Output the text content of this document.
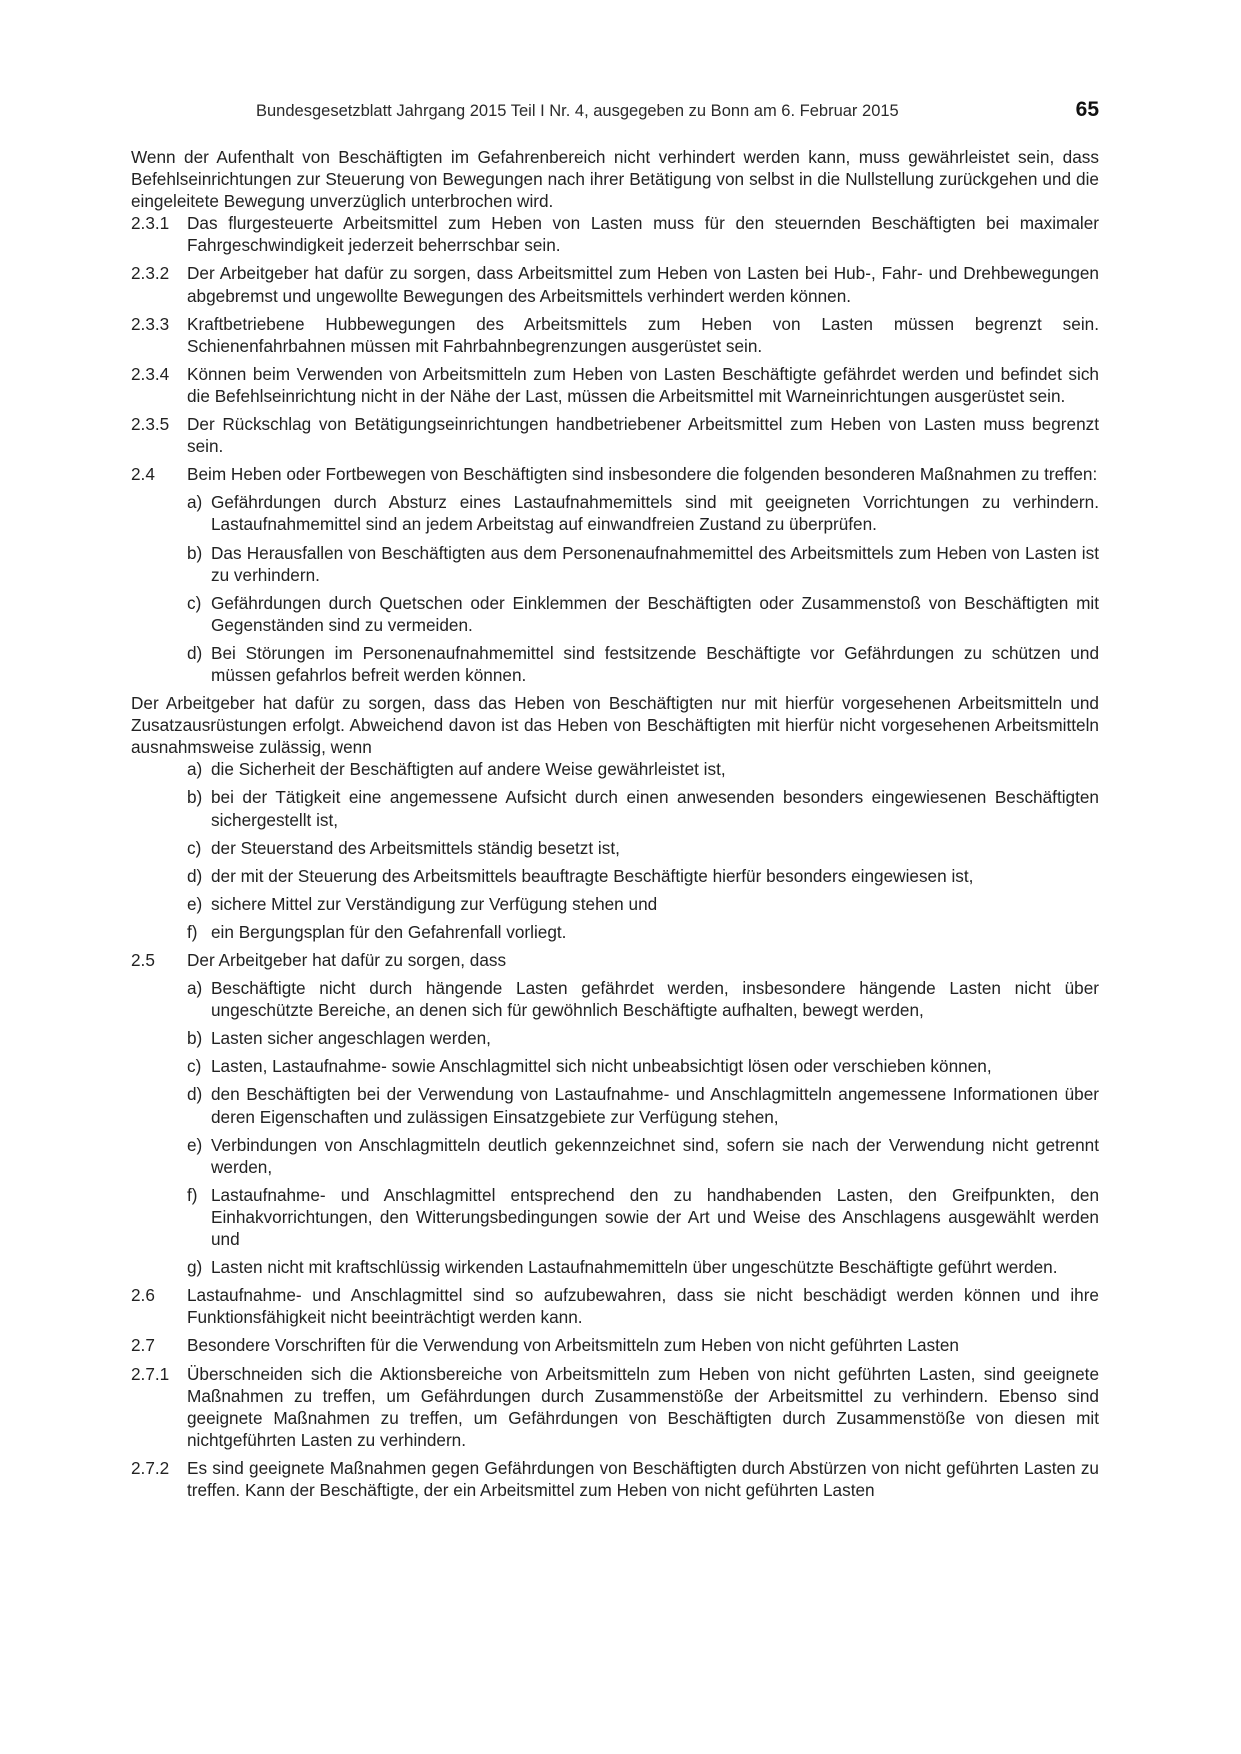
Bundesgesetzblatt Jahrgang 2015 Teil I Nr. 4, ausgegeben zu Bonn am 6. Februar 2015	65

Wenn der Aufenthalt von Beschäftigten im Gefahrenbereich nicht verhindert werden kann, muss gewährleistet sein, dass Befehlseinrichtungen zur Steuerung von Bewegungen nach ihrer Betätigung von selbst in die Nullstellung zurückgehen und die eingeleitete Bewegung unverzüglich unterbrochen wird.

2.3.1 Das flurgesteuerte Arbeitsmittel zum Heben von Lasten muss für den steuernden Beschäftigten bei maximaler Fahrgeschwindigkeit jederzeit beherrschbar sein.

2.3.2 Der Arbeitgeber hat dafür zu sorgen, dass Arbeitsmittel zum Heben von Lasten bei Hub-, Fahr- und Drehbewegungen abgebremst und ungewollte Bewegungen des Arbeitsmittels verhindert werden können.

2.3.3 Kraftbetriebene Hubbewegungen des Arbeitsmittels zum Heben von Lasten müssen begrenzt sein. Schienenfahrbahnen müssen mit Fahrbahnbegrenzungen ausgerüstet sein.

2.3.4 Können beim Verwenden von Arbeitsmitteln zum Heben von Lasten Beschäftigte gefährdet werden und befindet sich die Befehlseinrichtung nicht in der Nähe der Last, müssen die Arbeitsmittel mit Warneinrichtungen ausgerüstet sein.

2.3.5 Der Rückschlag von Betätigungseinrichtungen handbetriebener Arbeitsmittel zum Heben von Lasten muss begrenzt sein.

2.4 Beim Heben oder Fortbewegen von Beschäftigten sind insbesondere die folgenden besonderen Maßnahmen zu treffen:

a) Gefährdungen durch Absturz eines Lastaufnahmemittels sind mit geeigneten Vorrichtungen zu verhindern. Lastaufnahmemittel sind an jedem Arbeitstag auf einwandfreien Zustand zu überprüfen.

b) Das Herausfallen von Beschäftigten aus dem Personenaufnahmemittel des Arbeitsmittels zum Heben von Lasten ist zu verhindern.

c) Gefährdungen durch Quetschen oder Einklemmen der Beschäftigten oder Zusammenstoß von Beschäftigten mit Gegenständen sind zu vermeiden.

d) Bei Störungen im Personenaufnahmemittel sind festsitzende Beschäftigte vor Gefährdungen zu schützen und müssen gefahrlos befreit werden können.

Der Arbeitgeber hat dafür zu sorgen, dass das Heben von Beschäftigten nur mit hierfür vorgesehenen Arbeitsmitteln und Zusatzausrüstungen erfolgt. Abweichend davon ist das Heben von Beschäftigten mit hierfür nicht vorgesehenen Arbeitsmitteln ausnahmsweise zulässig, wenn

a) die Sicherheit der Beschäftigten auf andere Weise gewährleistet ist,

b) bei der Tätigkeit eine angemessene Aufsicht durch einen anwesenden besonders eingewiesenen Beschäftigten sichergestellt ist,

c) der Steuerstand des Arbeitsmittels ständig besetzt ist,

d) der mit der Steuerung des Arbeitsmittels beauftragte Beschäftigte hierfür besonders eingewiesen ist,

e) sichere Mittel zur Verständigung zur Verfügung stehen und

f) ein Bergungsplan für den Gefahrenfall vorliegt.

2.5 Der Arbeitgeber hat dafür zu sorgen, dass

a) Beschäftigte nicht durch hängende Lasten gefährdet werden, insbesondere hängende Lasten nicht über ungeschützte Bereiche, an denen sich für gewöhnlich Beschäftigte aufhalten, bewegt werden,

b) Lasten sicher angeschlagen werden,

c) Lasten, Lastaufnahme- sowie Anschlagmittel sich nicht unbeabsichtigt lösen oder verschieben können,

d) den Beschäftigten bei der Verwendung von Lastaufnahme- und Anschlagmitteln angemessene Informationen über deren Eigenschaften und zulässigen Einsatzgebiete zur Verfügung stehen,

e) Verbindungen von Anschlagmitteln deutlich gekennzeichnet sind, sofern sie nach der Verwendung nicht getrennt werden,

f) Lastaufnahme- und Anschlagmittel entsprechend den zu handhabenden Lasten, den Greifpunkten, den Einhakvorrichtungen, den Witterungsbedingungen sowie der Art und Weise des Anschlagens ausgewählt werden und

g) Lasten nicht mit kraftschlüssig wirkenden Lastaufnahmemitteln über ungeschützte Beschäftigte geführt werden.

2.6 Lastaufnahme- und Anschlagmittel sind so aufzubewahren, dass sie nicht beschädigt werden können und ihre Funktionsfähigkeit nicht beeinträchtigt werden kann.

2.7 Besondere Vorschriften für die Verwendung von Arbeitsmitteln zum Heben von nicht geführten Lasten

2.7.1 Überschneiden sich die Aktionsbereiche von Arbeitsmitteln zum Heben von nicht geführten Lasten, sind geeignete Maßnahmen zu treffen, um Gefährdungen durch Zusammenstöße der Arbeitsmittel zu verhindern. Ebenso sind geeignete Maßnahmen zu treffen, um Gefährdungen von Beschäftigten durch Zusammenstöße von diesen mit nichtgeführten Lasten zu verhindern.

2.7.2 Es sind geeignete Maßnahmen gegen Gefährdungen von Beschäftigten durch Abstürzen von nicht geführten Lasten zu treffen. Kann der Beschäftigte, der ein Arbeitsmittel zum Heben von nicht geführten Lasten
